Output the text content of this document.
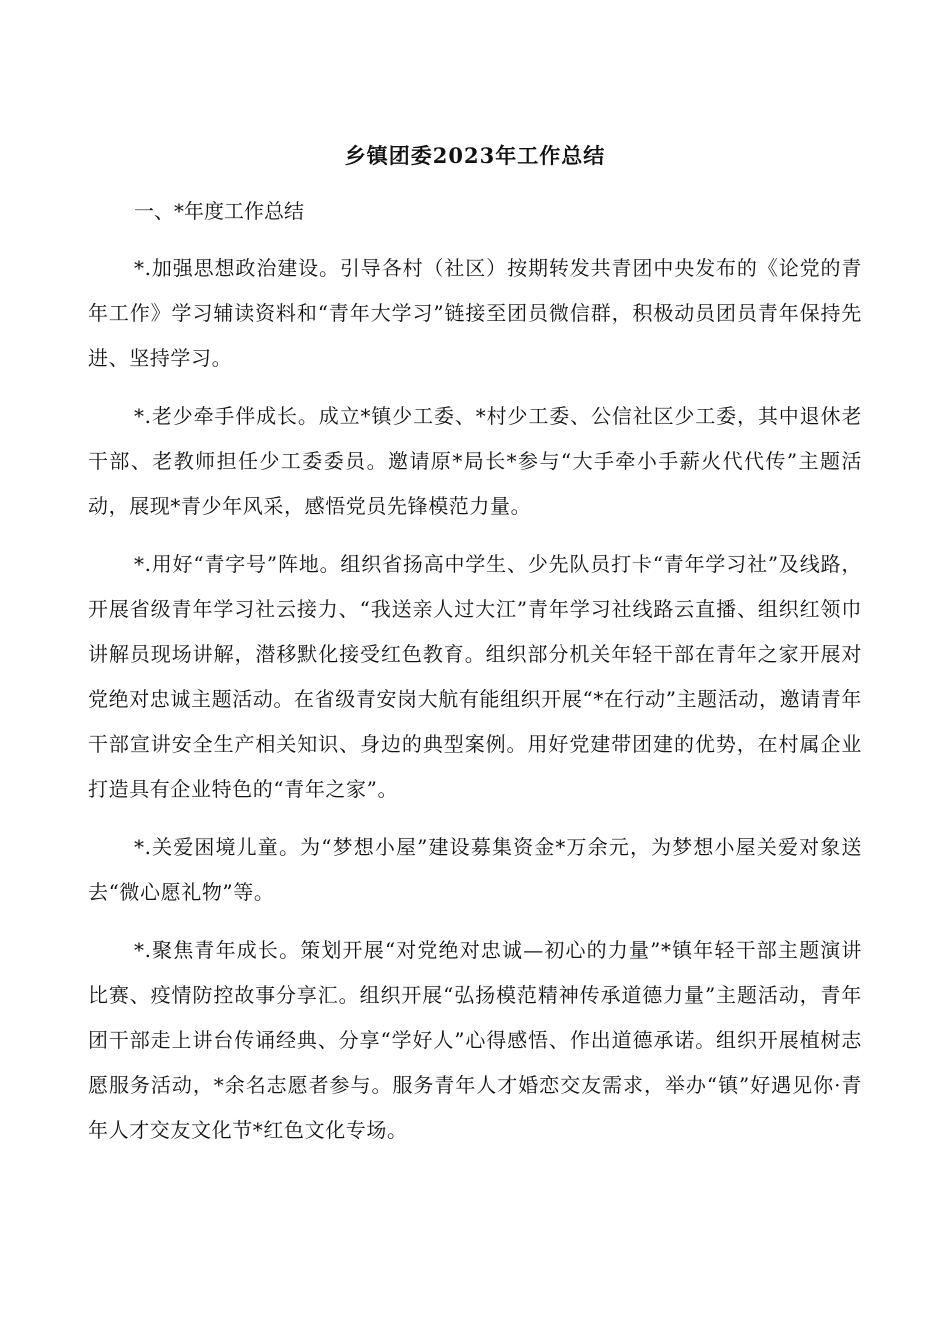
乡镇团委2023年工作总结
一、*年度工作总结

*.加强思想政治建设。引导各村（社区）按期转发共青团中央发布的《论党的青年工作》学习辅读资料和“青年大学习”链接至团员微信群，积极动员团员青年保持先进、坚持学习。

*.老少牵手伴成长。成立*镇少工委、*村少工委、公信社区少工委，其中退休老干部、老教师担任少工委委员。邀请原*局长*参与“大手牵小手薪火代代传”主题活动，展现*青少年风采，感悟党员先锋模范力量。

*.用好“青字号”阵地。组织省扬高中学生、少先队员打卡“青年学习社”及线路，开展省级青年学习社云接力、“我送亲人过大江”青年学习社线路云直播、组织红领巾讲解员现场讲解，潜移默化接受红色教育。组织部分机关年轻干部在青年之家开展对党绝对忠诚主题活动。在省级青安岗大航有能组织开展“*在行动”主题活动，邀请青年干部宣讲安全生产相关知识、身边的典型案例。用好党建带团建的优势，在村属企业打造具有企业特色的“青年之家”。

*.关爱困境儿童。为“梦想小屋”建设募集资金*万余元，为梦想小屋关爱对象送去“微心愿礼物”等。

*.聚焦青年成长。策划开展“对党绝对忠诚—初心的力量”*镇年轻干部主题演讲比赛、疫情防控故事分享汇。组织开展“弘扬模范精神传承道德力量”主题活动，青年团干部走上讲台传诵经典、分享“学好人”心得感悟、作出道德承诺。组织开展植树志愿服务活动，*余名志愿者参与。服务青年人才婚恋交友需求，举办“镇”好遇见你·青年人才交友文化节*红色文化专场。
